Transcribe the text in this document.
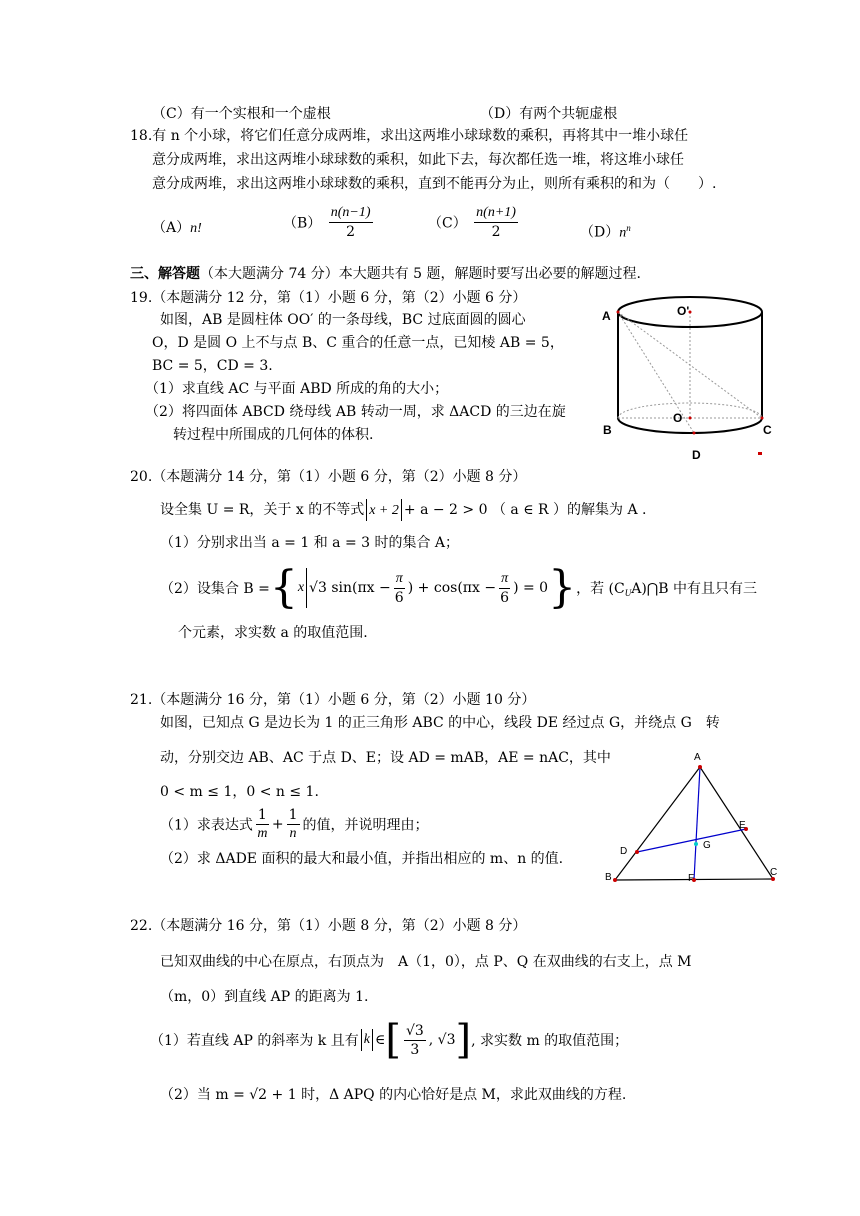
（C）有一个实根和一个虚根	（D）有两个共轭虚根
18.有 n 个小球，将它们任意分成两堆，求出这两堆小球球数的乘积，再将其中一堆小球任
意分成两堆，求出这两堆小球球数的乘积，如此下去，每次都任选一堆，将这堆小球任
意分成两堆，求出这两堆小球球数的乘积，直到不能再分为止，则所有乘积的和为（　　）.
（A）n!	$(B) \frac{n(n-1)}{2}$	$(C) \frac{n(n+1)}{2}$	$(D)n^n$
三、解答题（本大题满分 74 分）本大题共有 5 题，解题时要写出必要的解题过程.
19.（本题满分 12 分，第（1）小题 6 分，第（2）小题 6 分）
如图，AB 是圆柱体 OO′ 的一条母线，BC 过底面圆的圆心
O，D 是圆 O 上不与点 B、C 重合的任意一点，已知棱 AB = 5，
BC = 5，CD = 3.
（1）求直线 AC 与平面 ABD 所成的角的大小；
（2）将四面体 ABCD 绕母线 AB 转动一周，求 ΔACD 的三边在旋
转过程中所围成的几何体的体积.
A	O'
O
B	C
D
20.（本题满分 14 分，第（1）小题 6 分，第（2）小题 8 分）
设全集 U = R，关于 x 的不等式 x + 2 + a − 2 > 0 （ a ∈ R ）的解集为 A .
（1）分别求出当 a = 1 和 a = 3 时的集合 A；
（2）设集合 B ={x √3 $\sin(\pi x - \frac{\pi}{6}$ ) + $\cos(\pi x - \frac{\pi}{6}$ ) = 0}，若 $(C_UA)⋂B$ 中有且只有三
个元素，求实数 a 的取值范围.
21.（本题满分 16 分，第（1）小题 6 分，第（2）小题 10 分）
如图，已知点 G 是边长为 1 的正三角形 ABC 的中心，线段 DE 经过点 G，并绕点 G　转
动，分别交边 AB、AC 于点 D、E；设 AD = mAB，AE = nAC，其中
0 < m ≤ 1，0 < n ≤ 1.
（1）求表达式 $\frac{1}{m} + \frac{1}{n}$ 的值，并说明理由；
（2）求 ΔADE 面积的最大和最小值，并指出相应的 m、n 的值.
A
B	C
D
E
F
G
22.（本题满分 16 分，第（1）小题 8 分，第（2）小题 8 分）
已知双曲线的中心在原点，右顶点为　A（1，0），点 P、Q 在双曲线的右支上，点 M
（m，0）到直线 AP 的距离为 1.
（1）若直线 AP 的斜率为 k 且有 k ∈[ $\frac{√3}{3}$ , √3], 求实数 m 的取值范围；
（2）当 m = √2 + 1 时，Δ APQ 的内心恰好是点 M，求此双曲线的方程.
